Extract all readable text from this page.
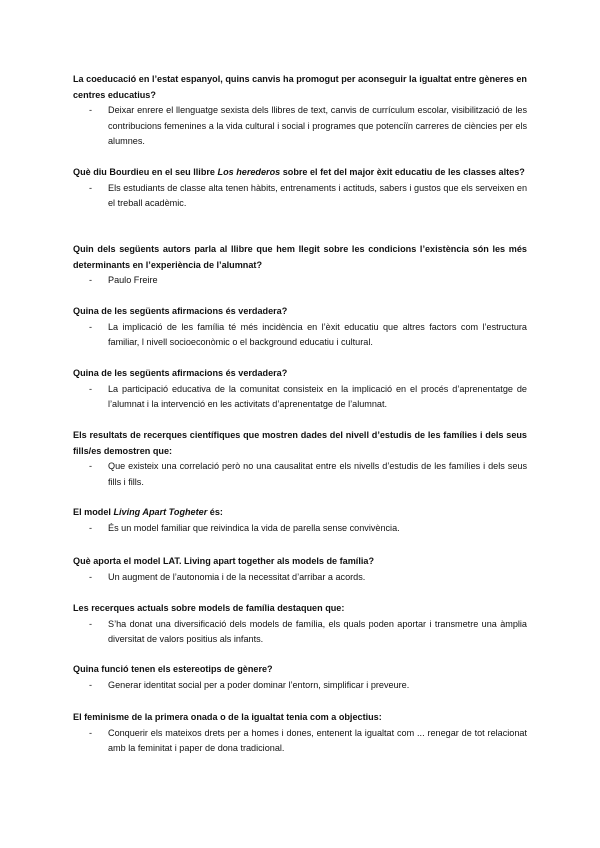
La coeducació en l’estat espanyol, quins canvis ha promogut per aconseguir la igualtat entre gèneres en centres educatius?
- Deixar enrere el llenguatge sexista dels llibres de text, canvis de currículum escolar, visibilització de les contribucions femenines a la vida cultural i social i programes que potenciïn carreres de ciències per els alumnes.
Què diu Bourdieu en el seu llibre Los herederos sobre el fet del major èxit educatiu de les classes altes?
- Els estudiants de classe alta tenen hàbits, entrenaments i actituds, sabers i gustos que els serveixen en el treball acadèmic.
Quin dels següents autors parla al llibre que hem llegit sobre les condicions l’existència són les més determinants en l’experiència de l’alumnat?
- Paulo Freire
Quina de les següents afirmacions és verdadera?
- La implicació de les família té més incidència en l’èxit educatiu que altres factors com l’estructura familiar, l nivell socioeconòmic o el background educatiu i cultural.
Quina de les següents afirmacions és verdadera?
- La participació educativa de la comunitat consisteix en la implicació en el procés d’aprenentatge de l’alumnat i la intervenció en les activitats d’aprenentatge de l’alumnat.
Els resultats de recerques científiques que mostren dades del nivell d’estudis de les famílies i dels seus fills/es demostren que:
- Que existeix una correlació però no una causalitat entre els nivells d’estudis de les famílies i dels seus fills i fills.
El model Living Apart Togheter és:
- És un model familiar que reivindica la vida de parella sense convivència.
Què aporta el model LAT. Living apart together als models de família?
- Un augment de l’autonomia i de la necessitat d’arribar a acords.
Les recerques actuals sobre models de família destaquen que:
- S’ha donat una diversificació dels models de família, els quals poden aportar i transmetre una àmplia diversitat de valors positius als infants.
Quina funció tenen els estereotips de gènere?
- Generar identitat social per a poder dominar l’entorn, simplificar i preveure.
El feminisme de la primera onada o de la igualtat tenia com a objectius:
- Conquerir els mateixos drets per a homes i dones, entenent la igualtat com ... renegar de tot relacionat amb la feminitat i paper de dona tradicional.
